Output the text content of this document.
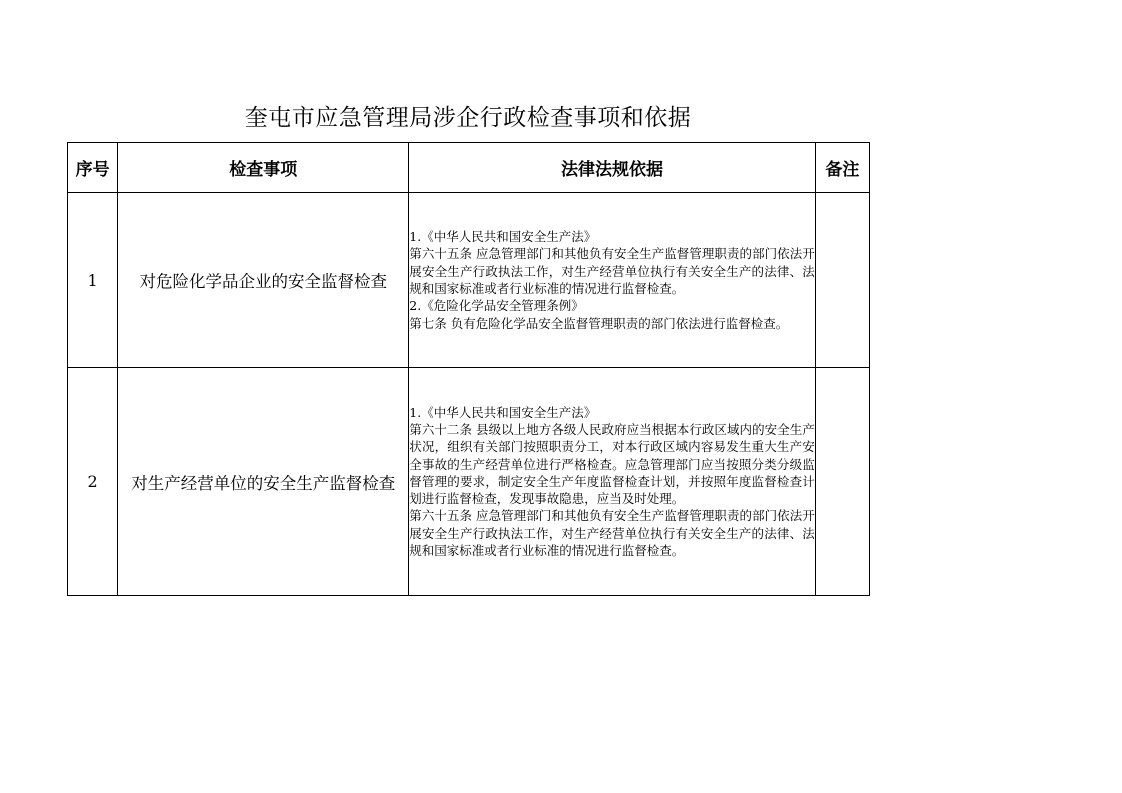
奎屯市应急管理局涉企行政检查事项和依据
序号	检查事项	法律法规依据	备注
1	对危险化学品企业的安全监督检查	1.《中华人民共和国安全生产法》

第六十五条 应急管理部门和其他负有安全生产监督管理职责的部门依法开展安全生产行政执法工作，对生产经营单位执行有关安全生产的法律、法规和国家标准或者行业标准的情况进行监督检查。

2.《危险化学品安全管理条例》

第七条 负有危险化学品安全监督管理职责的部门依法进行监督检查。	

2	对生产经营单位的安全生产监督检查	1.《中华人民共和国安全生产法》

第六十二条 县级以上地方各级人民政府应当根据本行政区域内的安全生产状况，组织有关部门按照职责分工，对本行政区域内容易发生重大生产安全事故的生产经营单位进行严格检查。应急管理部门应当按照分类分级监督管理的要求，制定安全生产年度监督检查计划，并按照年度监督检查计划进行监督检查，发现事故隐患，应当及时处理。

第六十五条 应急管理部门和其他负有安全生产监督管理职责的部门依法开展安全生产行政执法工作，对生产经营单位执行有关安全生产的法律、法规和国家标准或者行业标准的情况进行监督检查。	
